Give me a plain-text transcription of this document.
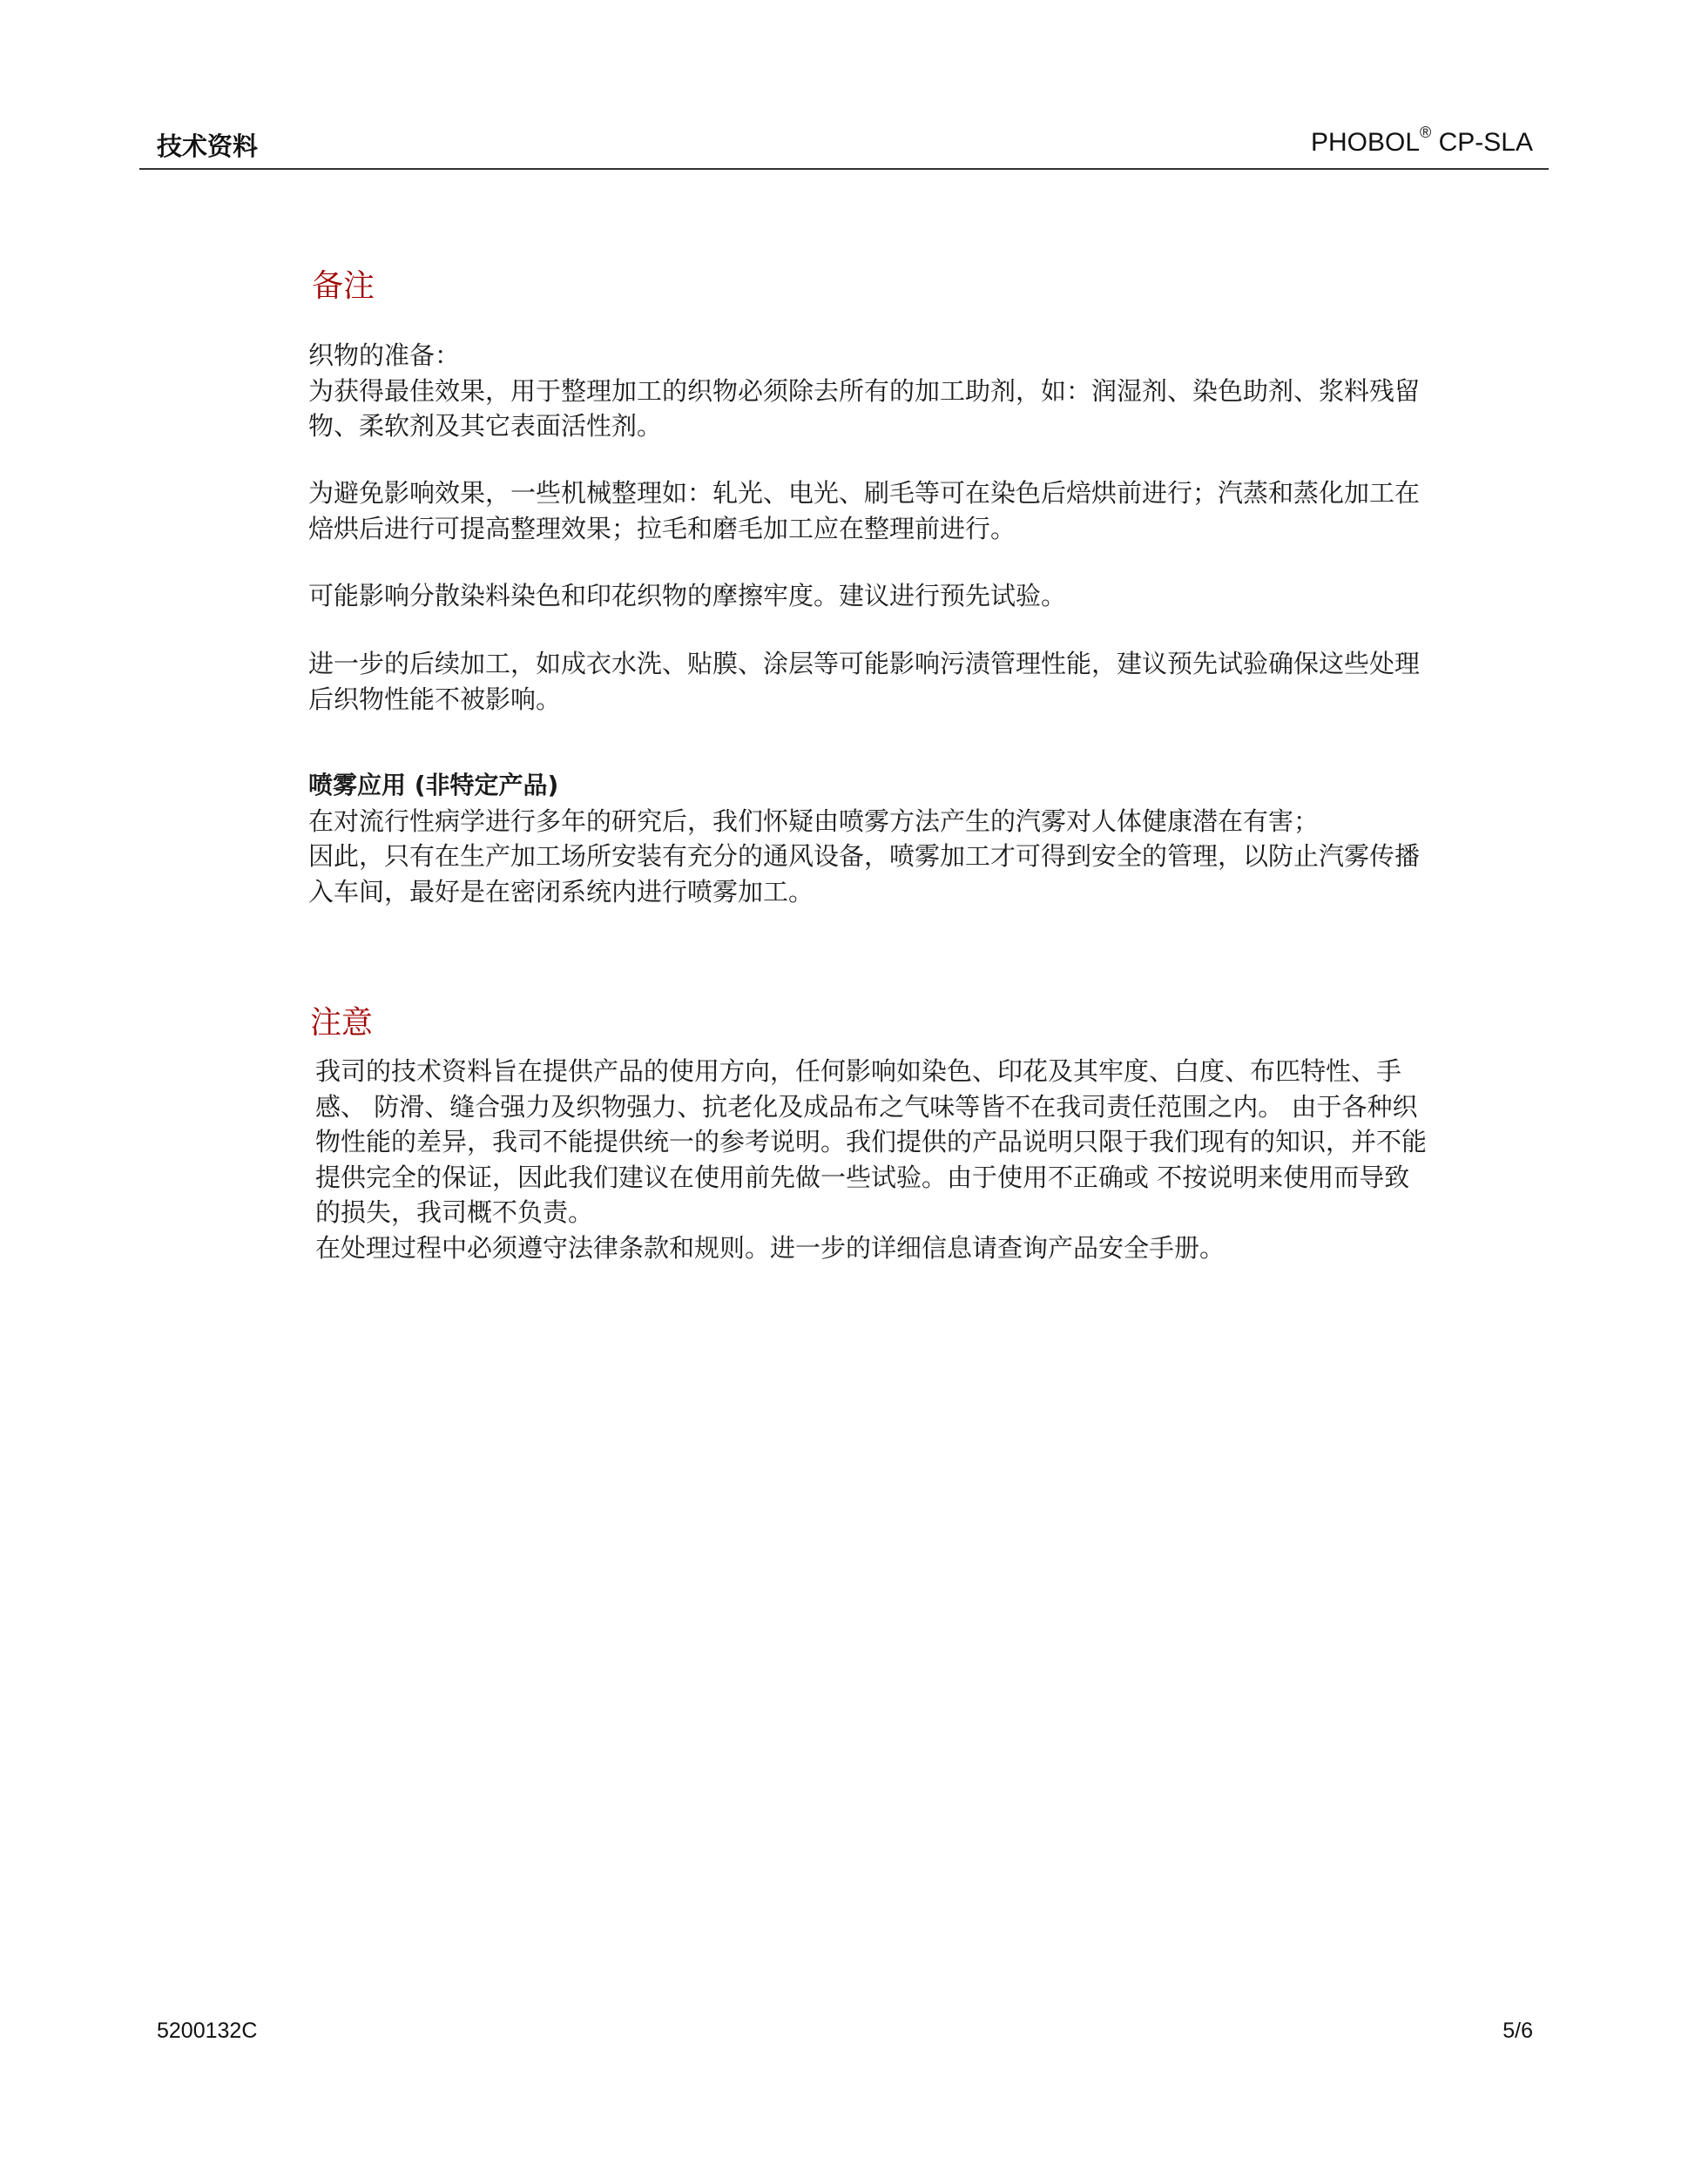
技术资料	PHOBOL® CP-SLA
备注

织物的准备：

为获得最佳效果，用于整理加工的织物必须除去所有的加工助剂，如：润湿剂、染色助剂、浆料残留

物、柔软剂及其它表面活性剂。

为避免影响效果，一些机械整理如：轧光、电光、刷毛等可在染色后焙烘前进行；汽蒸和蒸化加工在

焙烘后进行可提高整理效果；拉毛和磨毛加工应在整理前进行。

可能影响分散染料染色和印花织物的摩擦牢度。建议进行预先试验。

进一步的后续加工，如成衣水洗、贴膜、涂层等可能影响污渍管理性能，建议预先试验确保这些处理

后织物性能不被影响。

喷雾应用 (非特定产品)

在对流行性病学进行多年的研究后，我们怀疑由喷雾方法产生的汽雾对人体健康潜在有害；

因此，只有在生产加工场所安装有充分的通风设备，喷雾加工才可得到安全的管理，以防止汽雾传播

入车间，最好是在密闭系统内进行喷雾加工。

注意

我司的技术资料旨在提供产品的使用方向，任何影响如染色、印花及其牢度、白度、布匹特性、手

感、 防滑、缝合强力及织物强力、抗老化及成品布之气味等皆不在我司责任范围之内。 由于各种织

物性能的差异，我司不能提供统一的参考说明。我们提供的产品说明只限于我们现有的知识，并不能

提供完全的保证，因此我们建议在使用前先做一些试验。由于使用不正确或 不按说明来使用而导致

的损失，我司概不负责。

在处理过程中必须遵守法律条款和规则。进一步的详细信息请查询产品安全手册。

5200132C	5/6
